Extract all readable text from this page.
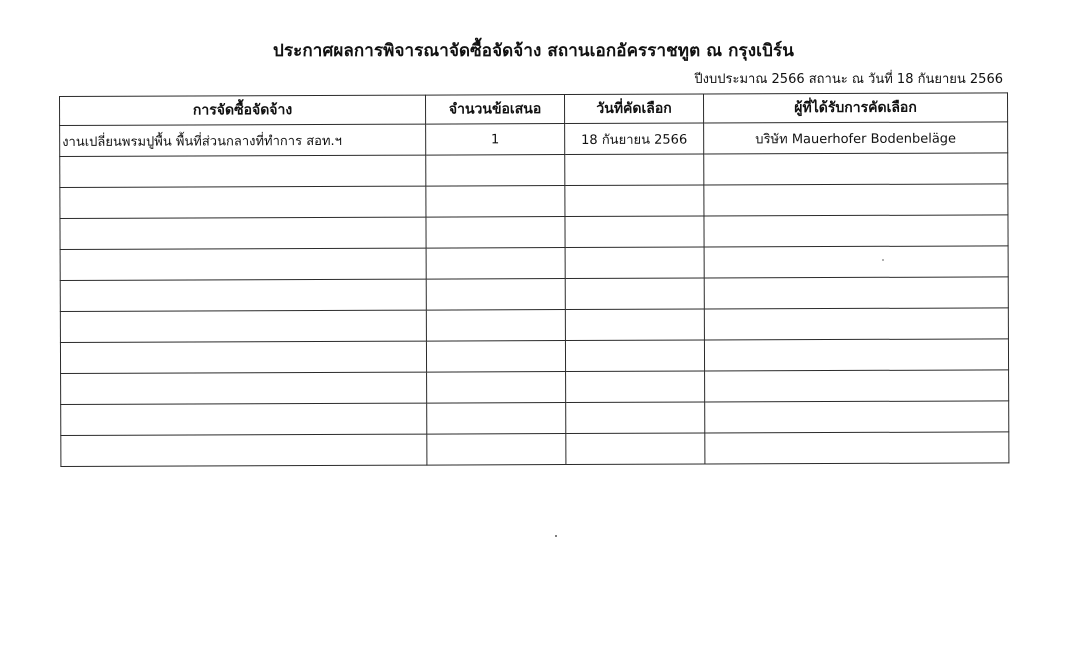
ประกาศผลการพิจารณาจัดซื้อจัดจ้าง สถานเอกอัครราชทูต ณ กรุงเบิร์น
ปีงบประมาณ 2566 สถานะ ณ วันที่ 18 กันยายน 2566
การจัดซื้อจัดจ้าง	จำนวนข้อเสนอ	วันที่คัดเลือก	ผู้ที่ได้รับการคัดเลือก
งานเปลี่ยนพรมปูพื้น พื้นที่ส่วนกลางที่ทำการ สอท.ฯ	1	18 กันยายน 2566	บริษัท Mauerhofer Bodenbeläge
